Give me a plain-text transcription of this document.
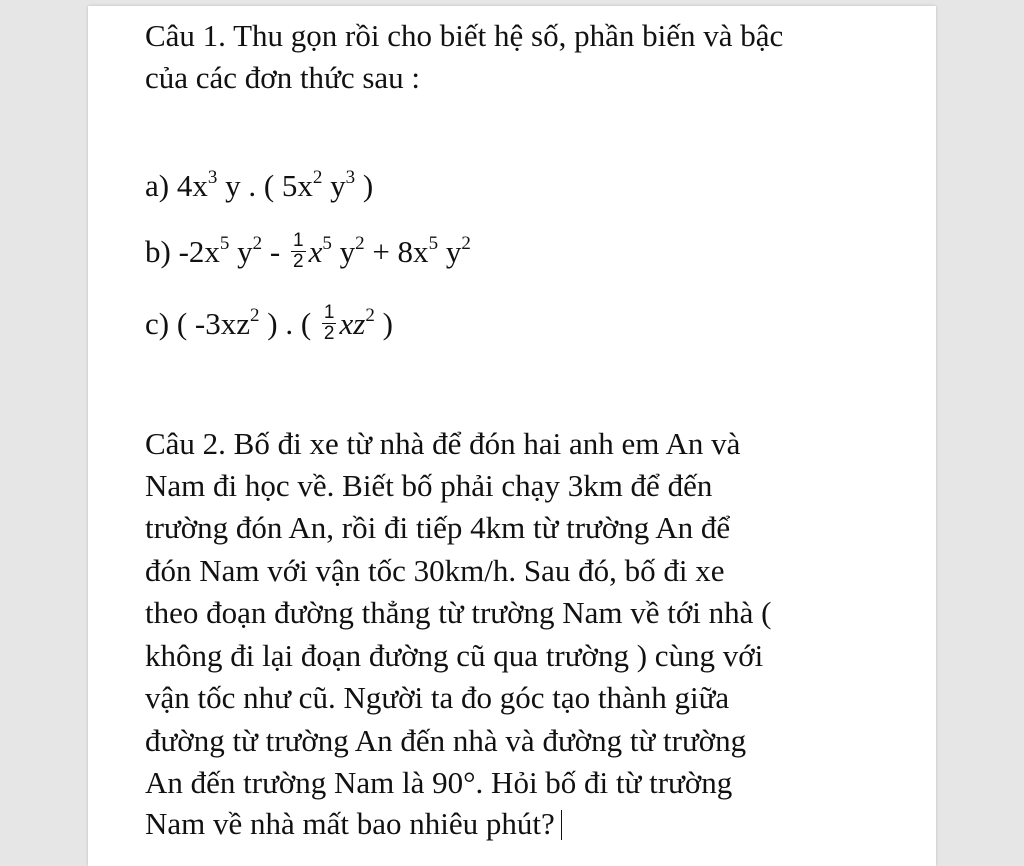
Câu 1. Thu gọn rồi cho biết hệ số, phần biến và bậc
của các đơn thức sau :
a) $4x^3$ y . ( $5x^2$ $y^3$ )
b) $-2x^5$ $y^2 - \frac{1}{2} x^5$ $y^2 + 8x^5$ $y^2$
c) ( $-3xz^2$ ) . ( $\frac{1}{2} xz^2$ )
Câu 2. Bố đi xe từ nhà để đón hai anh em An và
Nam đi học về. Biết bố phải chạy 3km để đến
trường đón An, rồi đi tiếp 4km từ trường An để
đón Nam với vận tốc 30km/h. Sau đó, bố đi xe
theo đoạn đường thẳng từ trường Nam về tới nhà (
không đi lại đoạn đường cũ qua trường ) cùng với
vận tốc như cũ. Người ta đo góc tạo thành giữa
đường từ trường An đến nhà và đường từ trường
An đến trường Nam là 90°. Hỏi bố đi từ trường
Nam về nhà mất bao nhiêu phút?
